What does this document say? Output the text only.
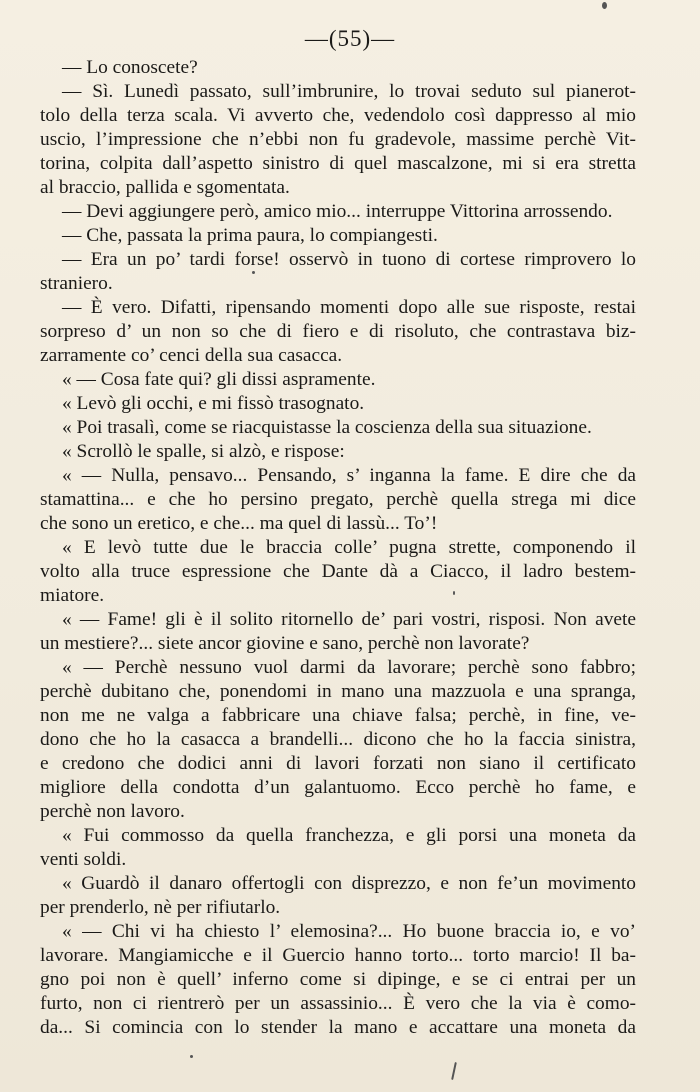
—(55)—
— Lo conoscete?
— Sì. Lunedì passato, sull’imbrunire, lo trovai seduto sul pianerot-
tolo della terza scala. Vi avverto che, vedendolo così dappresso al mio
uscio, l’impressione che n’ebbi non fu gradevole, massime perchè Vit-
torina, colpita dall’aspetto sinistro di quel mascalzone, mi si era stretta
al braccio, pallida e sgomentata.
— Devi aggiungere però, amico mio... interruppe Vittorina arrossendo.
— Che, passata la prima paura, lo compiangesti.
— Era un po’ tardi forse! osservò in tuono di cortese rimprovero lo
straniero.
— È vero. Difatti, ripensando momenti dopo alle sue risposte, restai
sorpreso d’ un non so che di fiero e di risoluto, che contrastava biz-
zarramente co’ cenci della sua casacca.
« — Cosa fate qui? gli dissi aspramente.
« Levò gli occhi, e mi fissò trasognato.
« Poi trasalì, come se riacquistasse la coscienza della sua situazione.
« Scrollò le spalle, si alzò, e rispose:
« — Nulla, pensavo... Pensando, s’ inganna la fame. E dire che da
stamattina... e che ho persino pregato, perchè quella strega mi dice
che sono un eretico, e che... ma quel di lassù... To’!
« E levò tutte due le braccia colle’ pugna strette, componendo il
volto alla truce espressione che Dante dà a Ciacco, il ladro bestem-
miatore.
« — Fame! gli è il solito ritornello de’ pari vostri, risposi. Non avete
un mestiere?... siete ancor giovine e sano, perchè non lavorate?
« — Perchè nessuno vuol darmi da lavorare; perchè sono fabbro;
perchè dubitano che, ponendomi in mano una mazzuola e una spranga,
non me ne valga a fabbricare una chiave falsa; perchè, in fine, ve-
dono che ho la casacca a brandelli... dicono che ho la faccia sinistra,
e credono che dodici anni di lavori forzati non siano il certificato
migliore della condotta d’un galantuomo. Ecco perchè ho fame, e
perchè non lavoro.
« Fui commosso da quella franchezza, e gli porsi una moneta da
venti soldi.
« Guardò il danaro offertogli con disprezzo, e non fe’un movimento
per prenderlo, nè per rifiutarlo.
« — Chi vi ha chiesto l’ elemosina?... Ho buone braccia io, e vo’
lavorare. Mangiamicche e il Guercio hanno torto... torto marcio! Il ba-
gno poi non è quell’ inferno come si dipinge, e se ci entrai per un
furto, non ci rientrerò per un assassinio... È vero che la via è como-
da... Si comincia con lo stender la mano e accattare una moneta da
